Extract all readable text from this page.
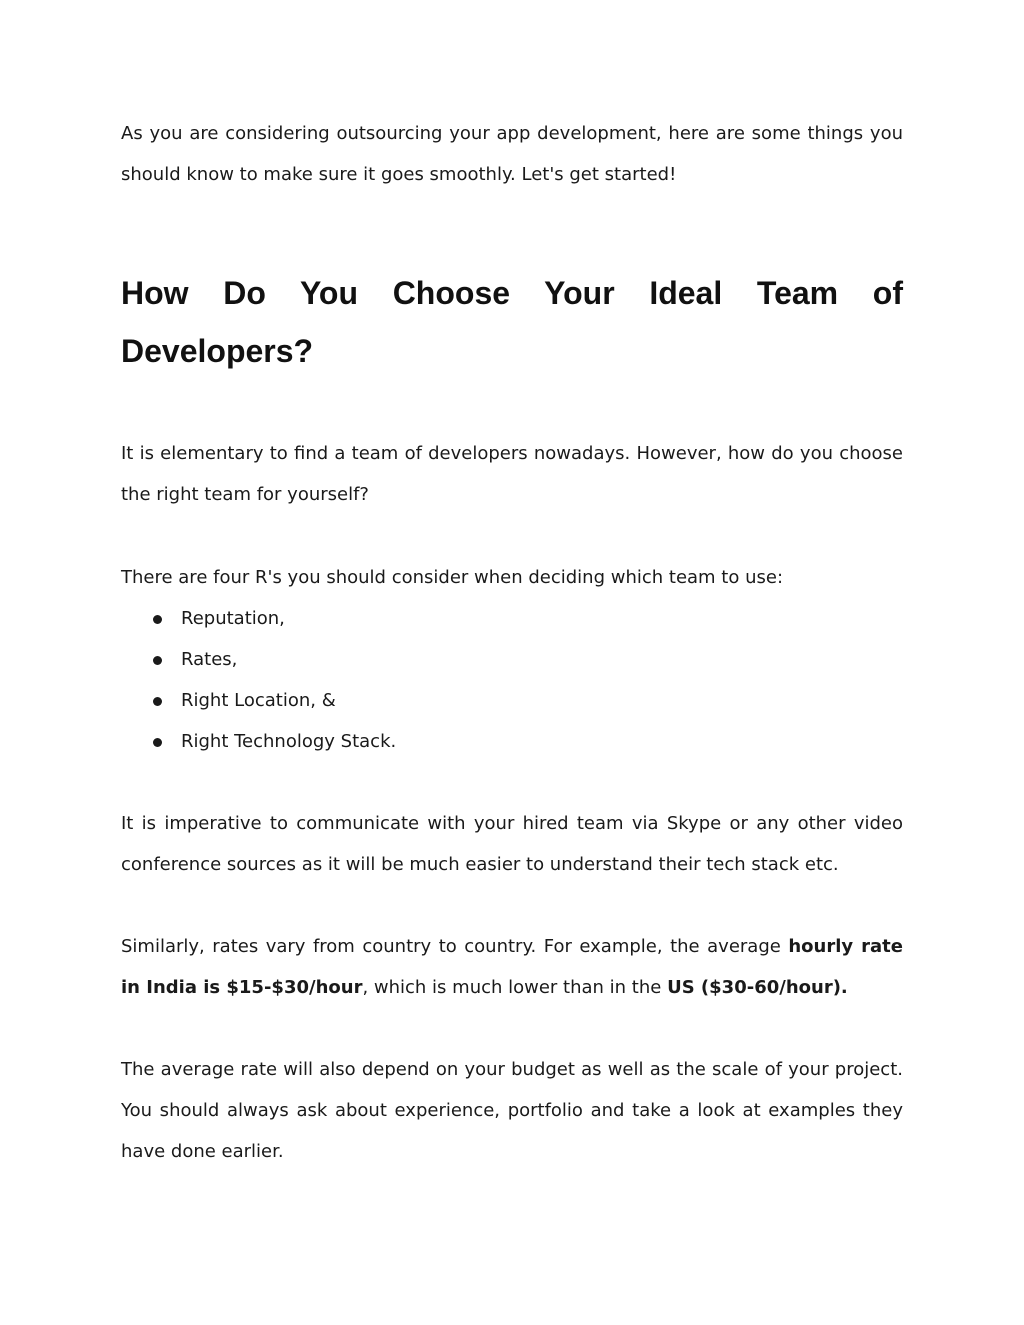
As you are considering outsourcing your app development, here are some things you should know to make sure it goes smoothly. Let's get started!

How Do You Choose Your Ideal Team of Developers?

It is elementary to find a team of developers nowadays. However, how do you choose the right team for yourself?

There are four R's you should consider when deciding which team to use:

Reputation,
Rates,
Right Location, &
Right Technology Stack.

It is imperative to communicate with your hired team via Skype or any other video conference sources as it will be much easier to understand their tech stack etc.

Similarly, rates vary from country to country. For example, the average hourly rate in India is $15-$30/hour, which is much lower than in the US ($30-60/hour).

The average rate will also depend on your budget as well as the scale of your project. You should always ask about experience, portfolio and take a look at examples they have done earlier.
